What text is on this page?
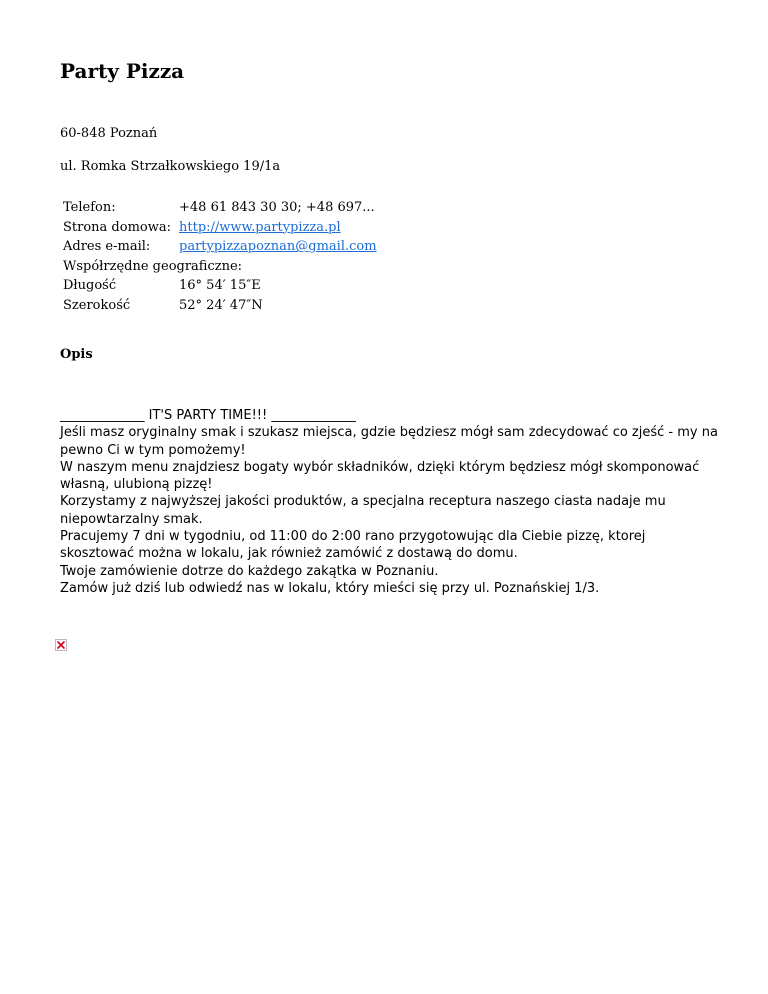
Party Pizza

60-848 Poznań

ul. Romka Strzałkowskiego 19/1a

Telefon:	+48 61 843 30 30; +48 697...
Strona domowa:	http://www.partypizza.pl
Adres e-mail:	partypizzapoznan@gmail.com
Współrzędne geograficzne:	
Długość	16° 54′ 15″E
Szerokość	52° 24′ 47″N
Opis

_____________ IT'S PARTY TIME!!! _____________

Jeśli masz oryginalny smak i szukasz miejsca, gdzie będziesz mógł sam zdecydować co zjeść - my na pewno Ci w tym pomożemy!

W naszym menu znajdziesz bogaty wybór składników, dzięki którym będziesz mógł skomponować własną, ulubioną pizzę!

Korzystamy z najwyższej jakości produktów, a specjalna receptura naszego ciasta nadaje mu niepowtarzalny smak.

Pracujemy 7 dni w tygodniu, od 11:00 do 2:00 rano przygotowując dla Ciebie pizzę, ktorej skosztować można w lokalu, jak również zamówić z dostawą do domu.

Twoje zamówienie dotrze do każdego zakątka w Poznaniu.

Zamów już dziś lub odwiedź nas w lokalu, który mieści się przy ul. Poznańskiej 1/3.
